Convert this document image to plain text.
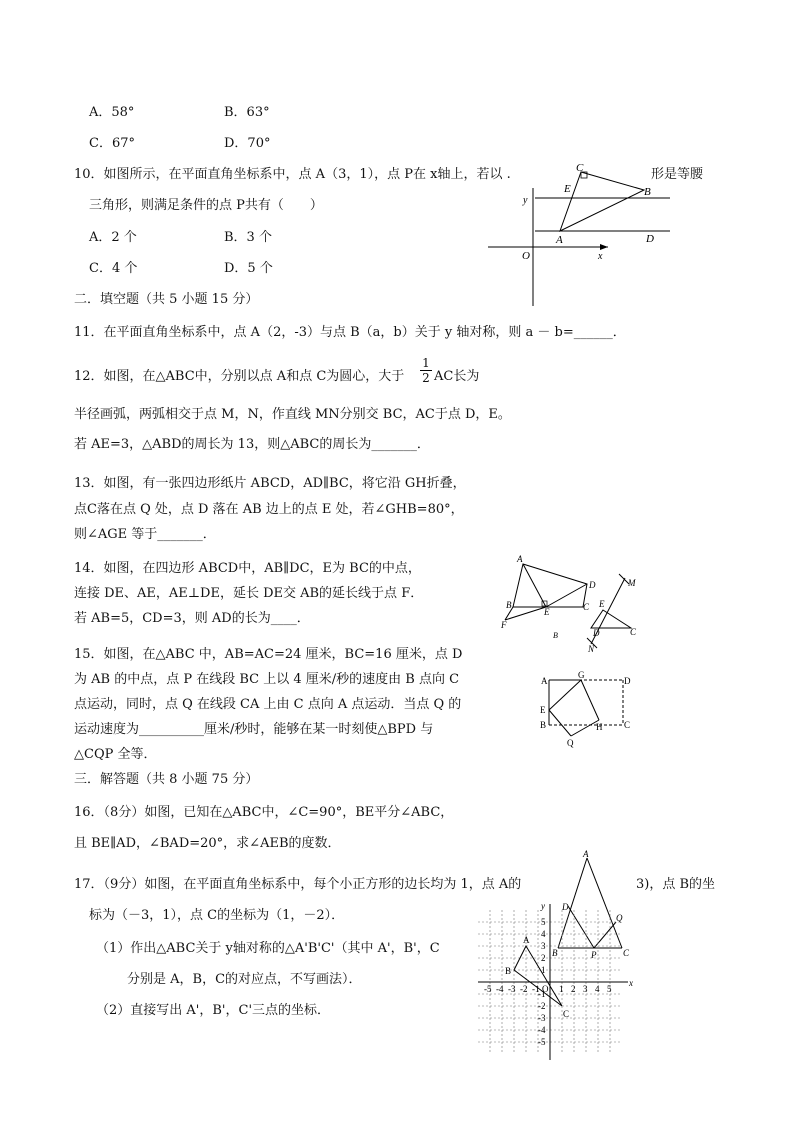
A．58°	B．63°
C．67°	D．70°
10．如图所示，在平面直角坐标系中，点 A（3，1），点 P在 x轴上，若以 .	形是等腰
三角形，则满足条件的点 P共有（　　）
A．2 个	B．3 个
C．4 个	D．5 个
C
E	B
y
A	D
O	x
二．填空题（共 5 小题 15 分）
11．在平面直角坐标系中，点 A（2，-3）与点 B（a，b）关于 y 轴对称，则 a － b=______．
12．如图，在△ABC中，分别以点 A和点 C为圆心，大于 $\frac{1}{2}$ AC长为
半径画弧，两弧相交于点 M，N，作直线 MN分别交 BC，AC于点 D，E。
若 AE=3，△ABD的周长为 13，则△ABC的周长为_______．
13．如图，有一张四边形纸片 ABCD，AD∥BC，将它沿 GH折叠，
点C落在点 Q 处，点 D 落在 AB 边上的点 E 处，若∠GHB=80°，
则∠AGE 等于_______．
14．如图，在四边形 ABCD中，AB∥DC，E为 BC的中点，
连接 DE、AE，AE⊥DE，延长 DE交 AB的延长线于点 F．
若 AB=5，CD=3，则 AD的长为____．
A
D
B
E	C
F
M
E
D	C
N
B
15．如图，在△ABC 中，AB=AC=24 厘米，BC=16 厘米，点 D
为 AB 的中点，点 P 在线段 BC 上以 4 厘米/秒的速度由 B 点向 C
点运动，同时，点 Q 在线段 CA 上由 C 点向 A 点运动．当点 Q 的
运动速度为__________厘米/秒时，能够在某一时刻使△BPD 与
△CQP 全等．
A
G
D
E
B	H C
Q
三．解答题（共 8 小题 75 分）
16．（8分）如图，已知在△ABC中，∠C=90°，BE平分∠ABC，
且 BE∥AD，∠BAD=20°，求∠AEB的度数．
17．（9分）如图，在平面直角坐标系中，每个小正方形的边长均为 1，点 A的	3)，点 B的坐
标为（－3，1），点 C的坐标为（1，－2）．
（1）作出△ABC关于 y轴对称的△A'B'C'（其中 A'，B'，C
分别是 A，B，C的对应点，不写画法）．
（2）直接写出 A'，B'，C'三点的坐标．
A
D
Q
B	P	C
-5 -4 -3 -2 -1 O 1 2 3 4 5
5
4
3
2
1
-1
-2
-3
-4
-5
A
B
C
x
y
